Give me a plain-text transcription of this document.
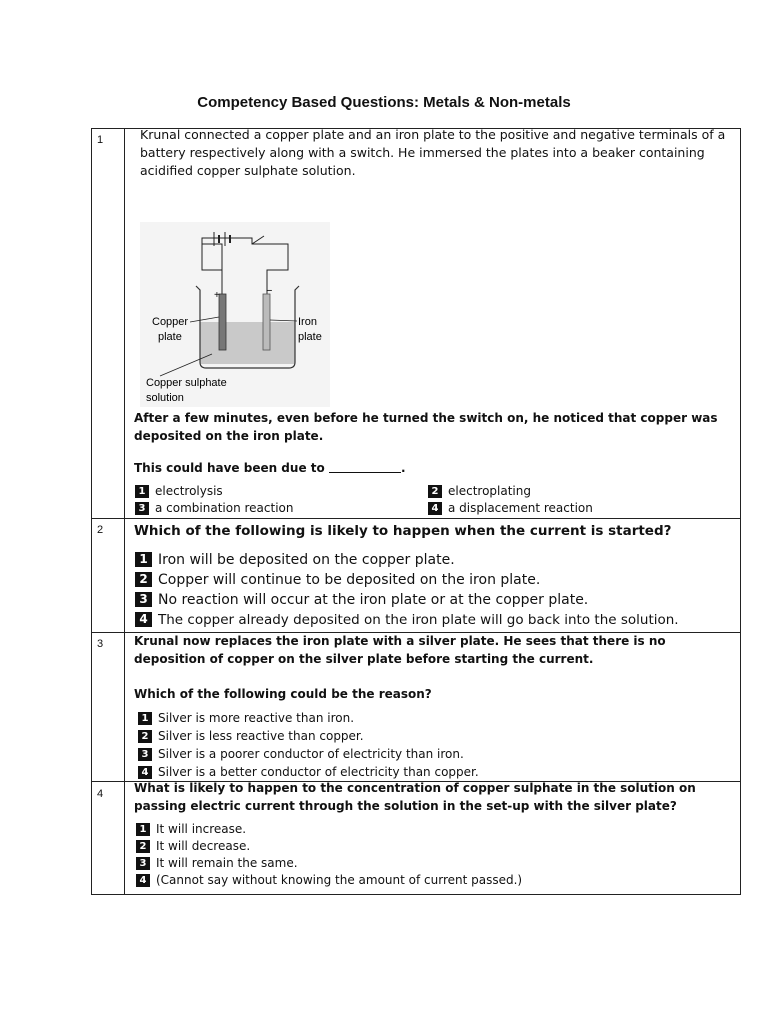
Competency Based Questions: Metals & Non-metals
1	Krunal connected a copper plate and an iron plate to the positive and negative terminals of a battery respectively along with a switch. He immersed the plates into a beaker containing acidified copper sulphate solution.

+	−
Copper
plate
Iron
plate
Copper sulphate
solution

After a few minutes, even before he turned the switch on, he noticed that copper was deposited on the iron plate.

This could have been due to	.

1 electrolysis	2 electroplating
3 a combination reaction	4 a displacement reaction
2 Which of the following is likely to happen when the current is started?

1 Iron will be deposited on the copper plate.
2 Copper will continue to be deposited on the iron plate.
3 No reaction will occur at the iron plate or at the copper plate.
4 The copper already deposited on the iron plate will go back into the solution.
3	Krunal now replaces the iron plate with a silver plate. He sees that there is no deposition of copper on the silver plate before starting the current.

Which of the following could be the reason?

1 Silver is more reactive than iron.
2 Silver is less reactive than copper.
3 Silver is a poorer conductor of electricity than iron.
4 Silver is a better conductor of electricity than copper.
4	What is likely to happen to the concentration of copper sulphate in the solution on passing electric current through the solution in the set-up with the silver plate?

1 It will increase.
2 It will decrease.
3 It will remain the same.
4 (Cannot say without knowing the amount of current passed.)
